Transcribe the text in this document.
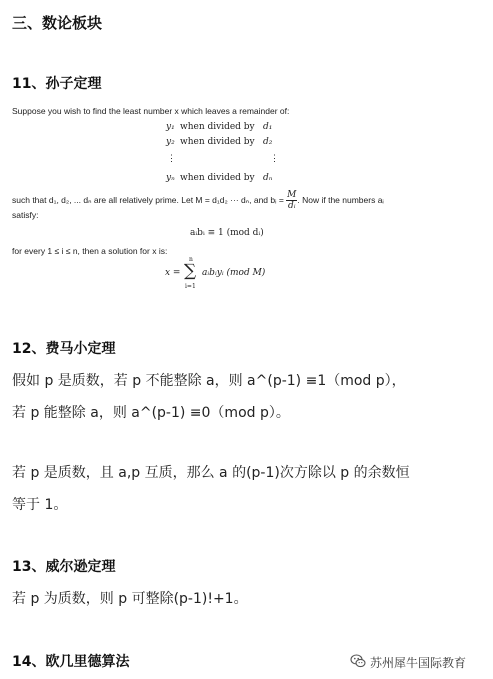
三、数论板块
11、孙子定理
Suppose you wish to find the least number x which leaves a remainder of:
y₁ when divided by d₁
y₂ when divided by d₂
⋮	⋮
yₙ when divided by dₙ
such that d₁, d₂, ... dₙ are all relatively prime. Let M = d₁d₂ ··· dₙ, and bᵢ = $\frac{M}{\text{dᵢ}}$ . Now if the numbers aᵢ
satisfy:
aᵢbᵢ ≡ 1 (mod dᵢ)
for every 1 ≤ i ≤ n, then a solution for x is:
x =
n
∑
i=1
aᵢbᵢyᵢ (mod M)
12、费马小定理
假如 p 是质数，若 p 不能整除 a，则 a^(p-1) ≡1（mod p），
若 p 能整除 a，则 a^(p-1) ≡0（mod p）。
若 p 是质数，且 a,p 互质，那么 a 的(p-1)次方除以 p 的余数恒
等于 1。
13、威尔逊定理
若 p 为质数，则 p 可整除(p-1)!+1。
14、欧几里德算法	苏州犀牛国际教育
